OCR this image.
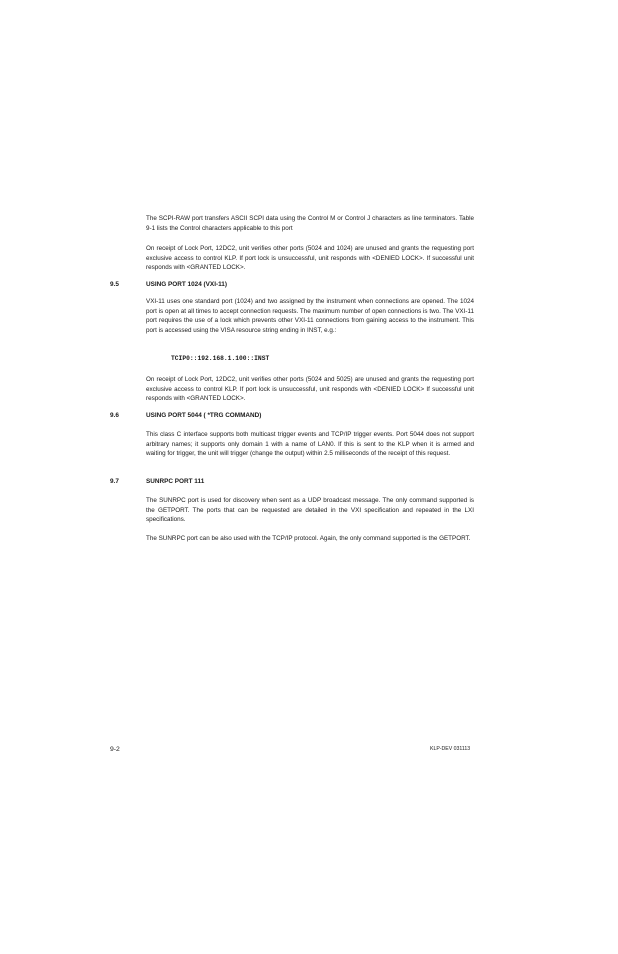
The SCPI-RAW port transfers ASCII SCPI data using the Control M or Control J characters as line terminators. Table 9-1 lists the Control characters applicable to this port

On receipt of Lock Port, 12DC2, unit verifies other ports (5024 and 1024) are unused and grants the requesting port exclusive access to control KLP. If port lock is unsuccessful, unit responds with <DENIED LOCK>. If successful unit responds with <GRANTED LOCK>.

9.5	USING PORT 1024 (VXI-11)

VXI-11 uses one standard port (1024) and two assigned by the instrument when connections are opened. The 1024 port is open at all times to accept connection requests. The maximum number of open connections is two. The VXI-11 port requires the use of a lock which prevents other VXI-11 connections from gaining access to the instrument. This port is accessed using the VISA resource string ending in INST, e.g.:

TCIP0::192.168.1.100::INST

On receipt of Lock Port, 12DC2, unit verifies other ports (5024 and 5025) are unused and grants the requesting port exclusive access to control KLP. If port lock is unsuccessful, unit responds with <DENIED LOCK> If successful unit responds with <GRANTED LOCK>.

9.6	USING PORT 5044 ( *TRG COMMAND)

This class C interface supports both multicast trigger events and TCP/IP trigger events. Port 5044 does not support arbitrary names; it supports only domain 1 with a name of LAN0. If this is sent to the KLP when it is armed and waiting for trigger, the unit will trigger (change the output) within 2.5 milliseconds of the receipt of this request.

9.7	SUNRPC PORT 111

The SUNRPC port is used for discovery when sent as a UDP broadcast message. The only command supported is the GETPORT. The ports that can be requested are detailed in the VXI specification and repeated in the LXI specifications.

The SUNRPC port can be also used with the TCP/IP protocol. Again, the only command supported is the GETPORT.

9-2	KLP-DEV 031113
